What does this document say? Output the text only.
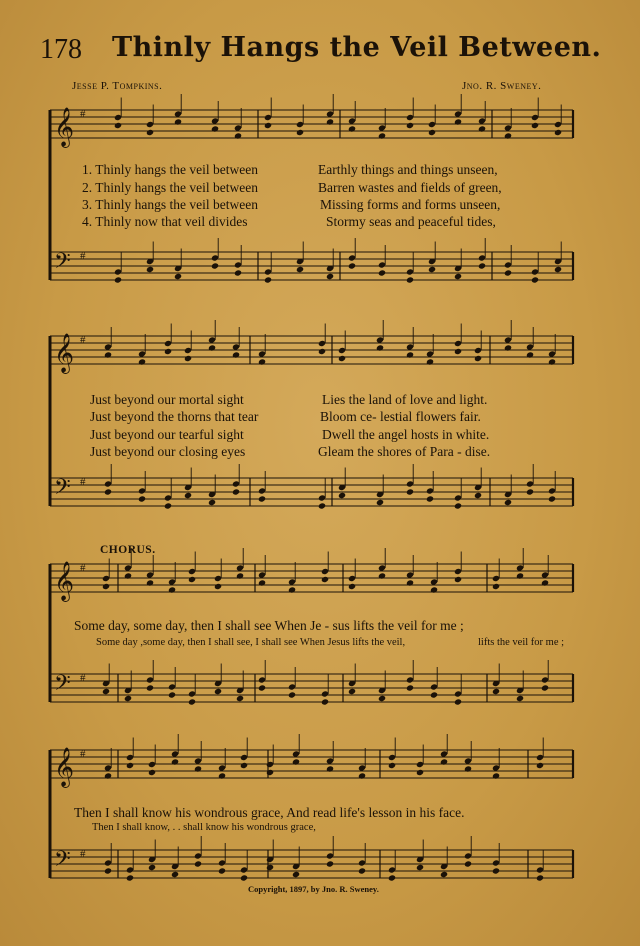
𝄞
𝄢
#
#
𝄞
𝄢
#
#
𝄞
𝄢
#
#
𝄞
𝄢
#
#
178 Thinly Hangs the Veil Between.
Jesse P. Tompkins.	Jno. R. Sweney.
1. Thinly hangs the veil between	Earthly things and things unseen,
2. Thinly hangs the veil between	Barren wastes and fields of green,
3. Thinly hangs the veil between	Missing forms and forms unseen,
4. Thinly now that veil divides	Stormy seas and peaceful tides,
Just beyond our mortal sight	Lies the land of love and light.
Just beyond the thorns that tear	Bloom ce- lestial flowers fair.
Just beyond our tearful sight	Dwell the angel hosts in white.
Just beyond our closing eyes	Gleam the shores of Para - dise.
CHORUS.
Some day, some day, then I shall see When Je - sus lifts the veil for me ;
Some day ,some day, then I shall see, I shall see When Jesus lifts the veil,	lifts the veil for me ;
Then I shall know his wondrous grace, And read life's lesson in his face.
Then I shall know, . . shall know his wondrous grace,
Copyright, 1897, by Jno. R. Sweney.
